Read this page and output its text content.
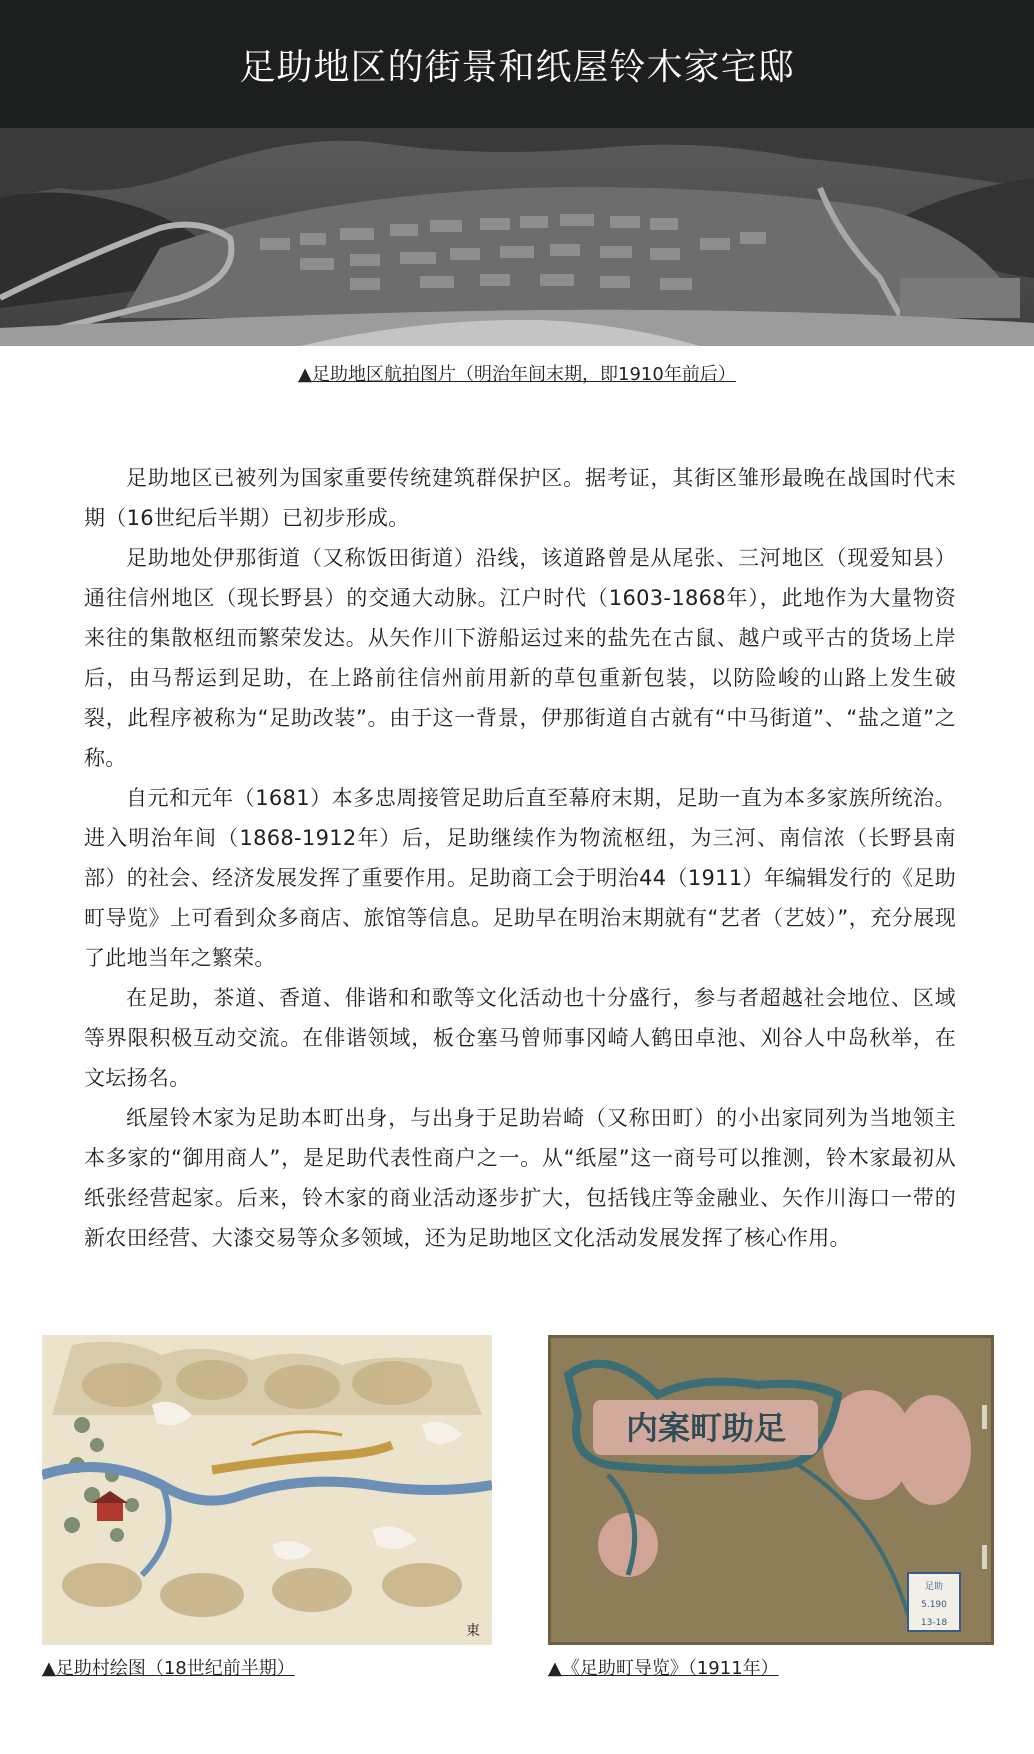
足助地区的街景和纸屋铃木家宅邸
▲足助地区航拍图片（明治年间末期，即1910年前后）

足助地区已被列为国家重要传统建筑群保护区。据考证，其街区雏形最晚在战国时代末期（16世纪后半期）已初步形成。

足助地处伊那街道（又称饭田街道）沿线，该道路曾是从尾张、三河地区（现爱知县）通往信州地区（现长野县）的交通大动脉。江户时代（1603-1868年），此地作为大量物资来往的集散枢纽而繁荣发达。从矢作川下游船运过来的盐先在古鼠、越户或平古的货场上岸后，由马帮运到足助，在上路前往信州前用新的草包重新包装，以防险峻的山路上发生破裂，此程序被称为“足助改装”。由于这一背景，伊那街道自古就有“中马街道”、“盐之道”之称。

自元和元年（1681）本多忠周接管足助后直至幕府末期，足助一直为本多家族所统治。进入明治年间（1868-1912年）后，足助继续作为物流枢纽，为三河、南信浓（长野县南部）的社会、经济发展发挥了重要作用。足助商工会于明治44（1911）年编辑发行的《足助町导览》上可看到众多商店、旅馆等信息。足助早在明治末期就有“艺者（艺妓）”，充分展现了此地当年之繁荣。

在足助，茶道、香道、俳谐和和歌等文化活动也十分盛行，参与者超越社会地位、区域等界限积极互动交流。在俳谐领域，板仓塞马曾师事冈崎人鹤田卓池、刈谷人中岛秋举，在文坛扬名。

纸屋铃木家为足助本町出身，与出身于足助岩崎（又称田町）的小出家同列为当地领主本多家的“御用商人”，是足助代表性商户之一。从“纸屋”这一商号可以推测，铃木家最初从纸张经营起家。后来，铃木家的商业活动逐步扩大，包括钱庄等金融业、矢作川海口一带的新农田经营、大漆交易等众多领域，还为足助地区文化活动发展发挥了核心作用。

東
内案町助足
足助
5.190
13-18
▲足助村绘图（18世纪前半期）	▲《足助町导览》（1911年）
